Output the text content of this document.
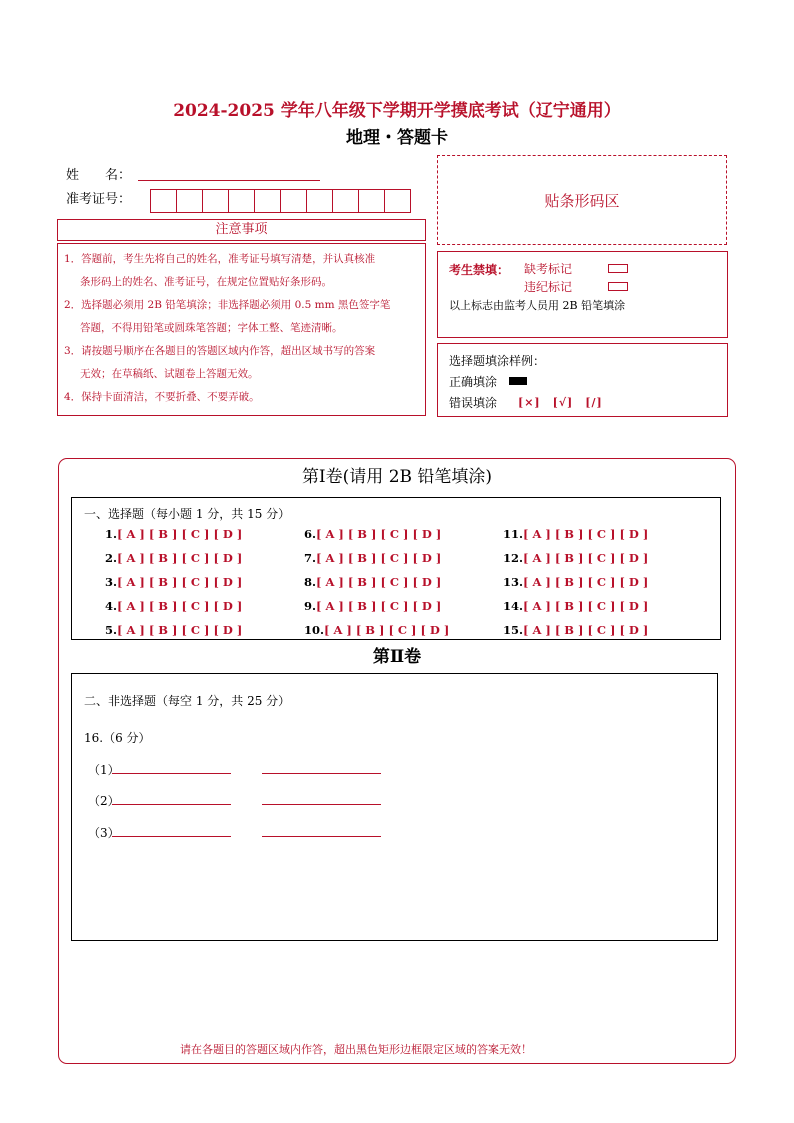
2024-2025 学年八年级下学期开学摸底考试（辽宁通用）
地理・答题卡
姓　　名：
准考证号：	贴条形码区
注意事项

1．答题前，考生先将自己的姓名，准考证号填写清楚，并认真核准

条形码上的姓名、准考证号，在规定位置贴好条形码。

2．选择题必须用 2B 铅笔填涂；非选择题必须用 0.5 mm 黑色签字笔

答题，不得用铅笔或圆珠笔答题；字体工整、笔迹清晰。

3．请按题号顺序在各题目的答题区域内作答，超出区域书写的答案

无效；在草稿纸、试题卷上答题无效。

4．保持卡面清洁，不要折叠、不要弄破。

考生禁填： 缺考标记
违纪标记
以上标志由监考人员用 2B 铅笔填涂
选择题填涂样例：
正确填涂
错误填涂 [×]　[√]　[/]
第Ⅰ卷(请用 2B 铅笔填涂)
一、选择题（每小题 1 分，共 15 分）
1.[ A ] [ B ] [ C ] [ D ]
2.[ A ] [ B ] [ C ] [ D ]
3.[ A ] [ B ] [ C ] [ D ]
4.[ A ] [ B ] [ C ] [ D ]
5.[ A ] [ B ] [ C ] [ D ]
6.[ A ] [ B ] [ C ] [ D ]
7.[ A ] [ B ] [ C ] [ D ]
8.[ A ] [ B ] [ C ] [ D ]
9.[ A ] [ B ] [ C ] [ D ]
10.[ A ] [ B ] [ C ] [ D ]
11.[ A ] [ B ] [ C ] [ D ]
12.[ A ] [ B ] [ C ] [ D ]
13.[ A ] [ B ] [ C ] [ D ]
14.[ A ] [ B ] [ C ] [ D ]
15.[ A ] [ B ] [ C ] [ D ]
第Ⅱ卷
二、非选择题（每空 1 分，共 25 分）
16.（6 分）
（1）
（2）
（3）
请在各题目的答题区域内作答，超出黑色矩形边框限定区域的答案无效！
